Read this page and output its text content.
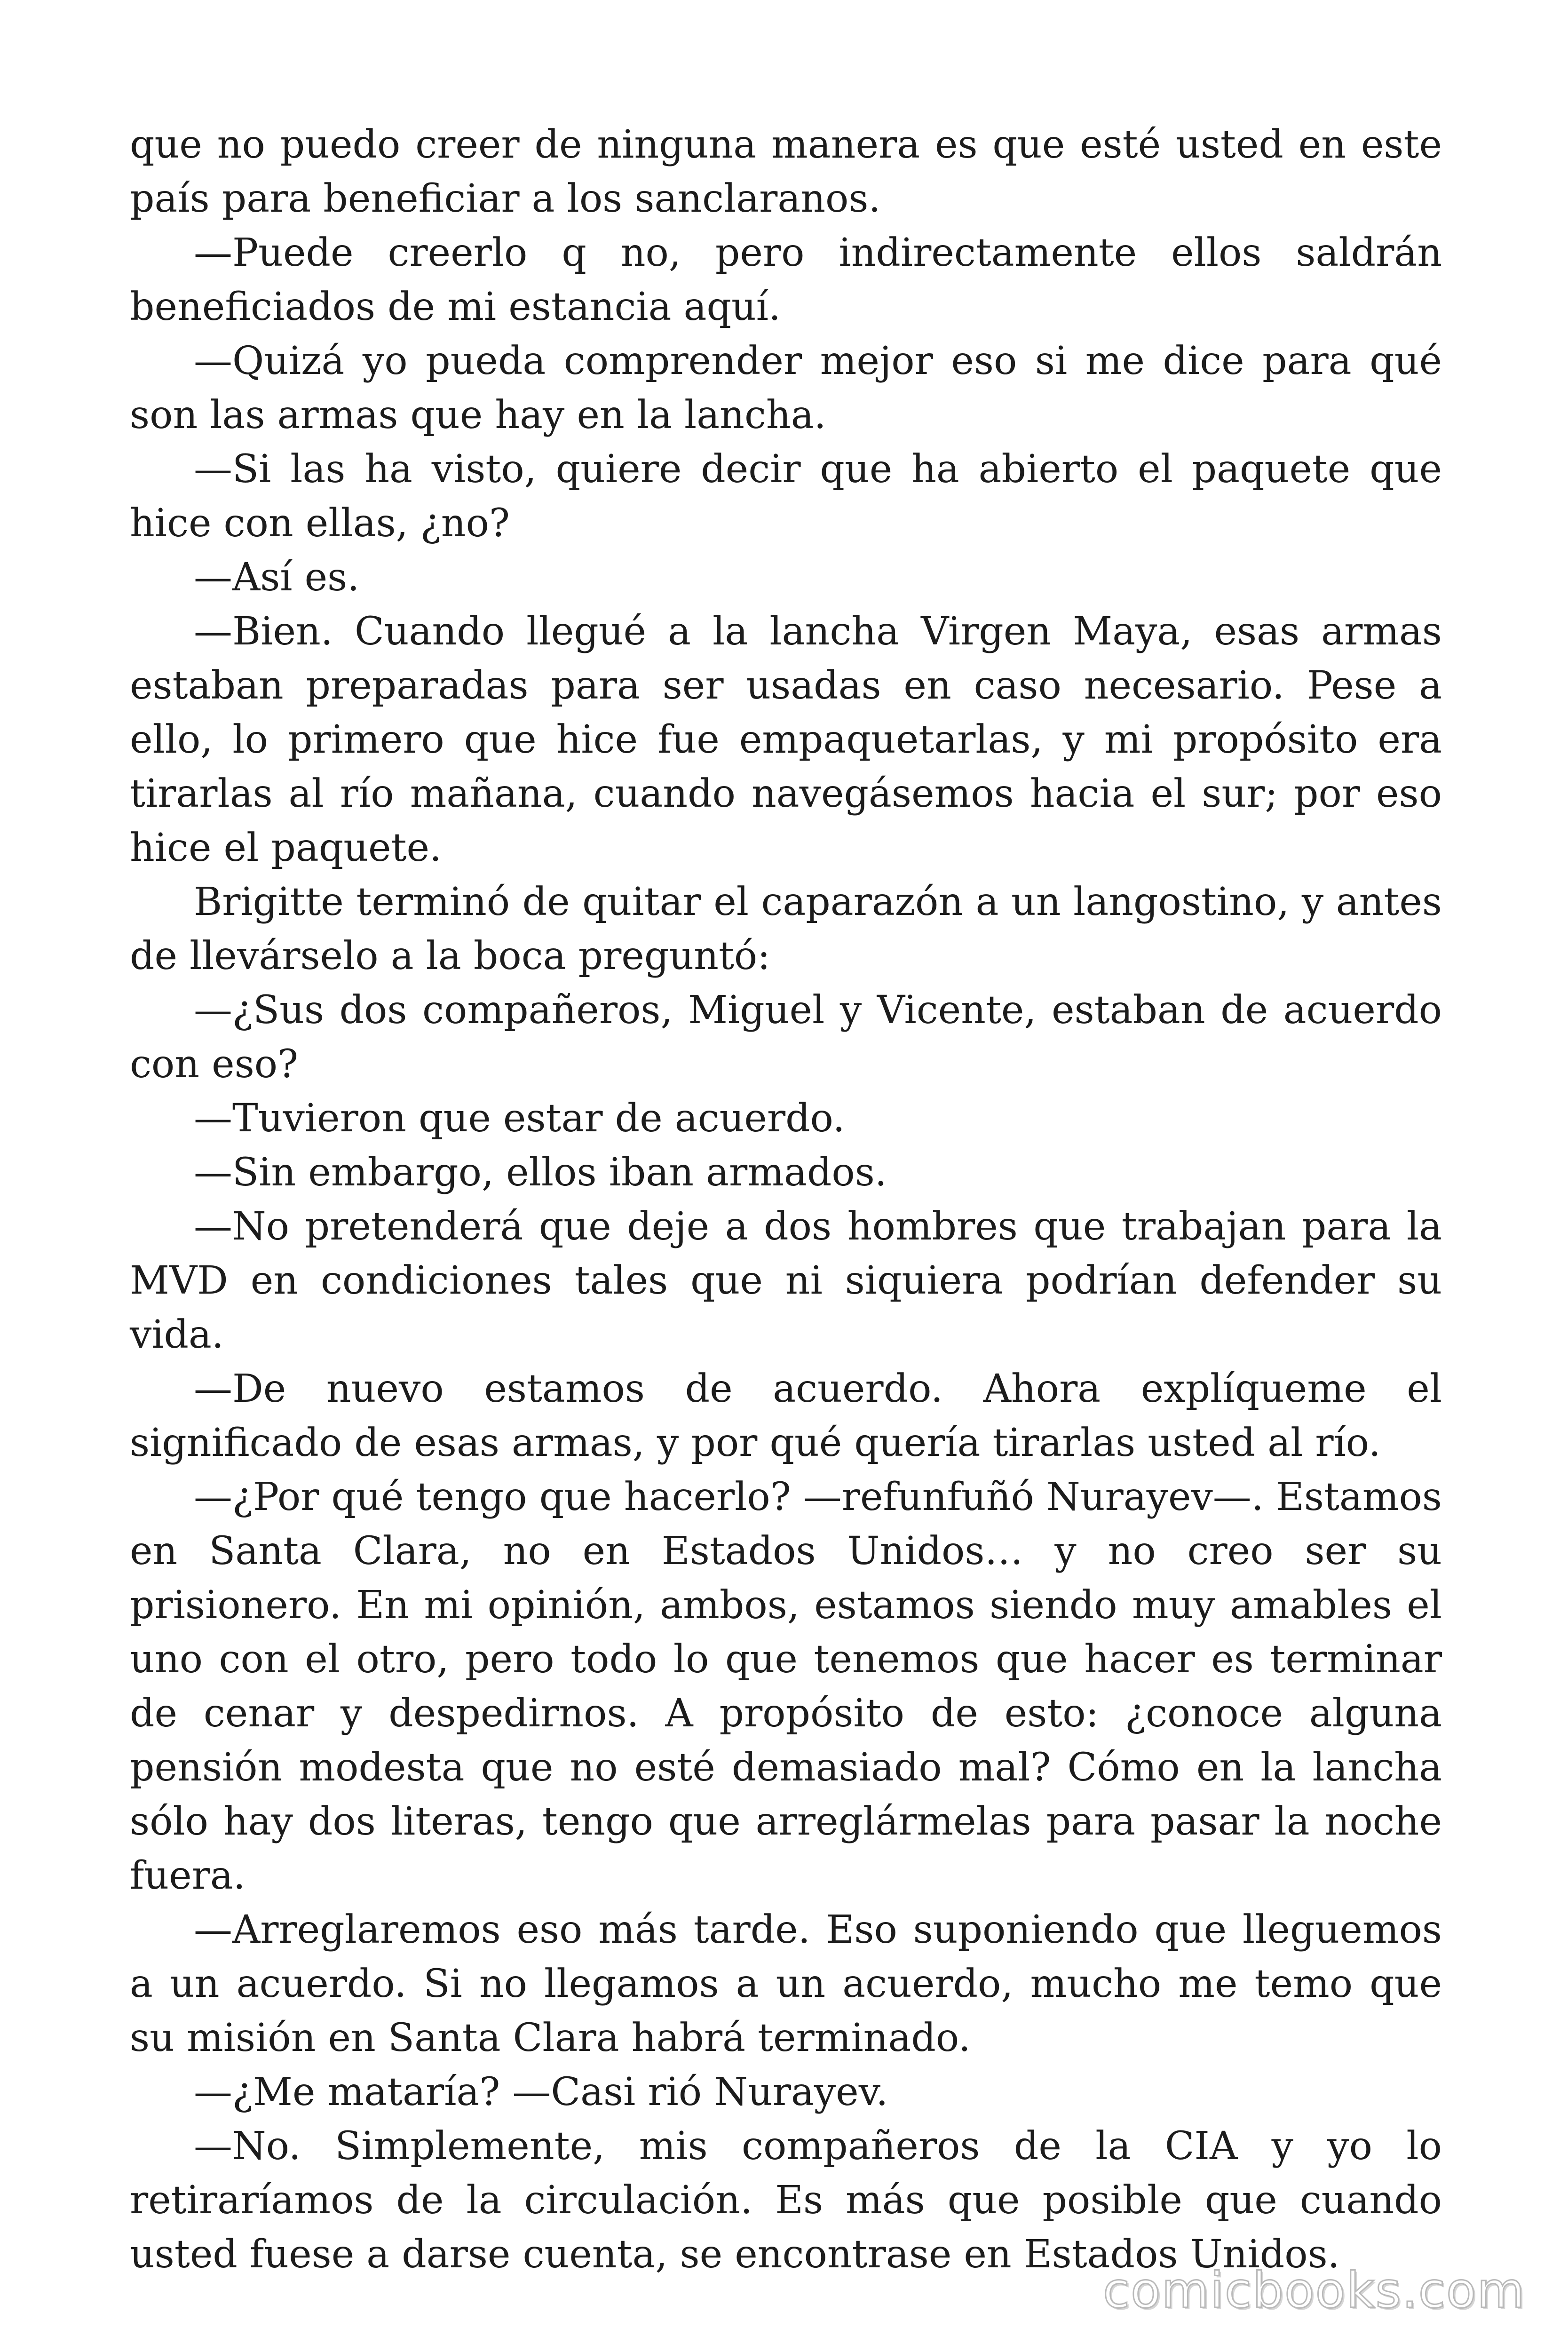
que no puedo creer de ninguna manera es que esté usted en este país para beneficiar a los sanclaranos.

—Puede creerlo q no, pero indirectamente ellos saldrán beneficiados de mi estancia aquí.

—Quizá yo pueda comprender mejor eso si me dice para qué son las armas que hay en la lancha.

—Si las ha visto, quiere decir que ha abierto el paquete que hice con ellas, ¿no?

—Así es.

—Bien. Cuando llegué a la lancha Virgen Maya, esas armas estaban preparadas para ser usadas en caso necesario. Pese a ello, lo primero que hice fue empaquetarlas, y mi propósito era tirarlas al río mañana, cuando navegásemos hacia el sur; por eso hice el paquete.

Brigitte terminó de quitar el caparazón a un langostino, y antes de llevárselo a la boca preguntó:

—¿Sus dos compañeros, Miguel y Vicente, estaban de acuerdo con eso?

—Tuvieron que estar de acuerdo.

—Sin embargo, ellos iban armados.

—No pretenderá que deje a dos hombres que trabajan para la MVD en condiciones tales que ni siquiera podrían defender su vida.

—De nuevo estamos de acuerdo. Ahora explíqueme el significado de esas armas, y por qué quería tirarlas usted al río.

—¿Por qué tengo que hacerlo? —refunfuñó Nurayev—. Estamos en Santa Clara, no en Estados Unidos… y no creo ser su prisionero. En mi opinión, ambos, estamos siendo muy amables el uno con el otro, pero todo lo que tenemos que hacer es terminar de cenar y despedirnos. A propósito de esto: ¿conoce alguna pensión modesta que no esté demasiado mal? Cómo en la lancha sólo hay dos literas, tengo que arreglármelas para pasar la noche fuera.

—Arreglaremos eso más tarde. Eso suponiendo que lleguemos a un acuerdo. Si no llegamos a un acuerdo, mucho me temo que su misión en Santa Clara habrá terminado.

—¿Me mataría? —Casi rió Nurayev.

—No. Simplemente, mis compañeros de la CIA y yo lo retiraríamos de la circulación. Es más que posible que cuando usted fuese a darse cuenta, se encontrase en Estados Unidos.

comicbooks.com
